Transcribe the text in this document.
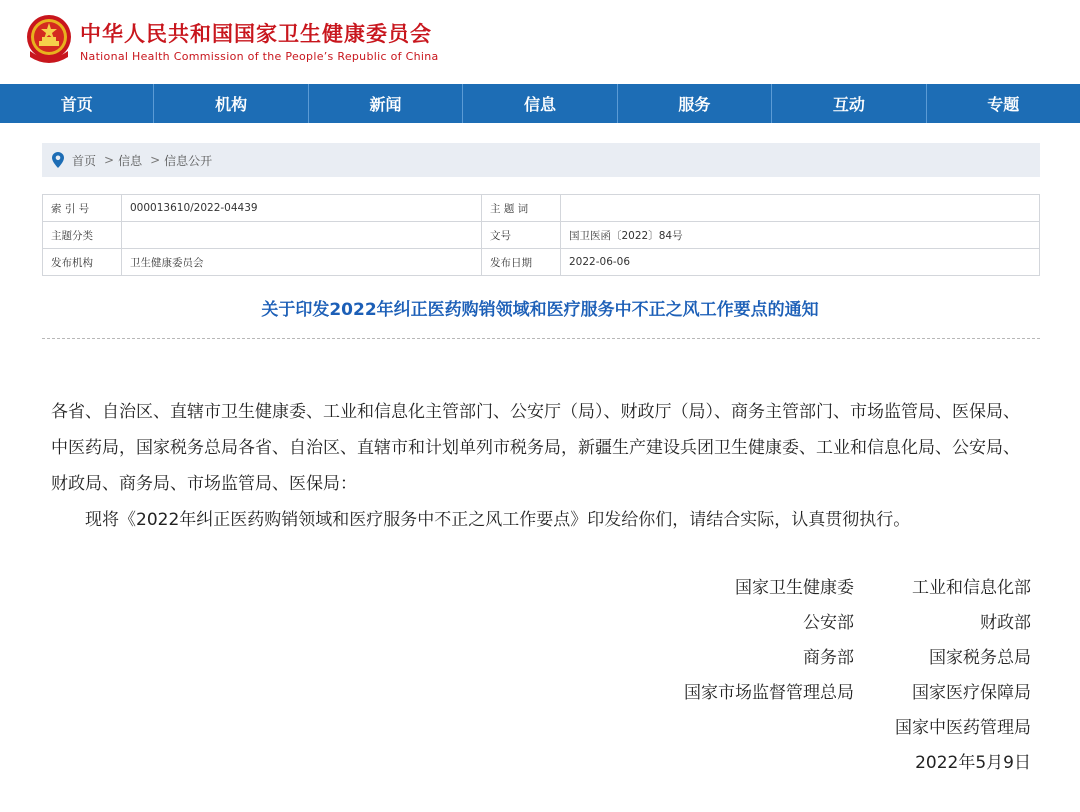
中华人民共和国国家卫生健康委员会
National Health Commission of the People’s Republic of China
首页	机构	新闻	信息	服务	互动	专题
首页 > 信息 > 信息公开
索 引 号	000013610/2022-04439	主 题 词	
主题分类		文号	国卫医函〔2022〕84号
发布机构	卫生健康委员会	发布日期	2022-06-06
关于印发2022年纠正医药购销领域和医疗服务中不正之风工作要点的通知

各省、自治区、直辖市卫生健康委、工业和信息化主管部门、公安厅（局）、财政厅（局）、商务主管部门、市场监管局、医保局、中医药局，国家税务总局各省、自治区、直辖市和计划单列市税务局，新疆生产建设兵团卫生健康委、工业和信息化局、公安局、财政局、商务局、市场监管局、医保局：

现将《2022年纠正医药购销领域和医疗服务中不正之风工作要点》印发给你们，请结合实际，认真贯彻执行。

国家卫生健康委	工业和信息化部
公安部	财政部
商务部	国家税务总局
国家市场监督管理总局	国家医疗保障局
国家中医药管理局
2022年5月9日
